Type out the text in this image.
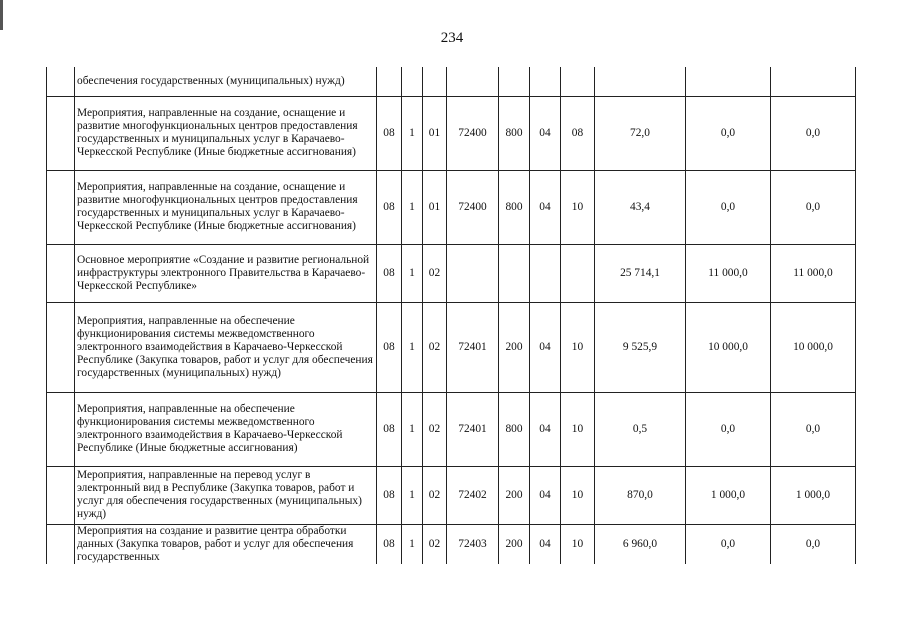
234
	обеспечения государственных (муниципальных) нужд)										
	Мероприятия, направленные на создание, оснащение и развитие многофункциональных центров предоставления государственных и муниципальных услуг в Карачаево-Черкесской Республике (Иные бюджетные ассигнования)	08	1	01	72400	800	04	08	72,0	0,0	0,0
	Мероприятия, направленные на создание, оснащение и развитие многофункциональных центров предоставления государственных и муниципальных услуг в Карачаево-Черкесской Республике (Иные бюджетные ассигнования)	08	1	01	72400	800	04	10	43,4	0,0	0,0
	Основное мероприятие «Создание и развитие региональной инфраструктуры электронного Правительства в Карачаево-Черкесской Республике»	08	1	02					25 714,1	11 000,0	11 000,0
	Мероприятия, направленные на обеспечение функционирования системы межведомственного электронного взаимодействия в Карачаево-Черкесской Республике (Закупка товаров, работ и услуг для обеспечения государственных (муниципальных) нужд)	08	1	02	72401	200	04	10	9 525,9	10 000,0	10 000,0
	Мероприятия, направленные на обеспечение функционирования системы межведомственного электронного взаимодействия в Карачаево-Черкесской Республике (Иные бюджетные ассигнования)	08	1	02	72401	800	04	10	0,5	0,0	0,0
	Мероприятия, направленные на перевод услуг в электронный вид в Республике (Закупка товаров, работ и услуг для обеспечения государственных (муниципальных) нужд)	08	1	02	72402	200	04	10	870,0	1 000,0	1 000,0
	Мероприятия на создание и развитие центра обработки данных (Закупка товаров, работ и услуг для обеспечения государственных	08	1	02	72403	200	04	10	6 960,0	0,0	0,0
